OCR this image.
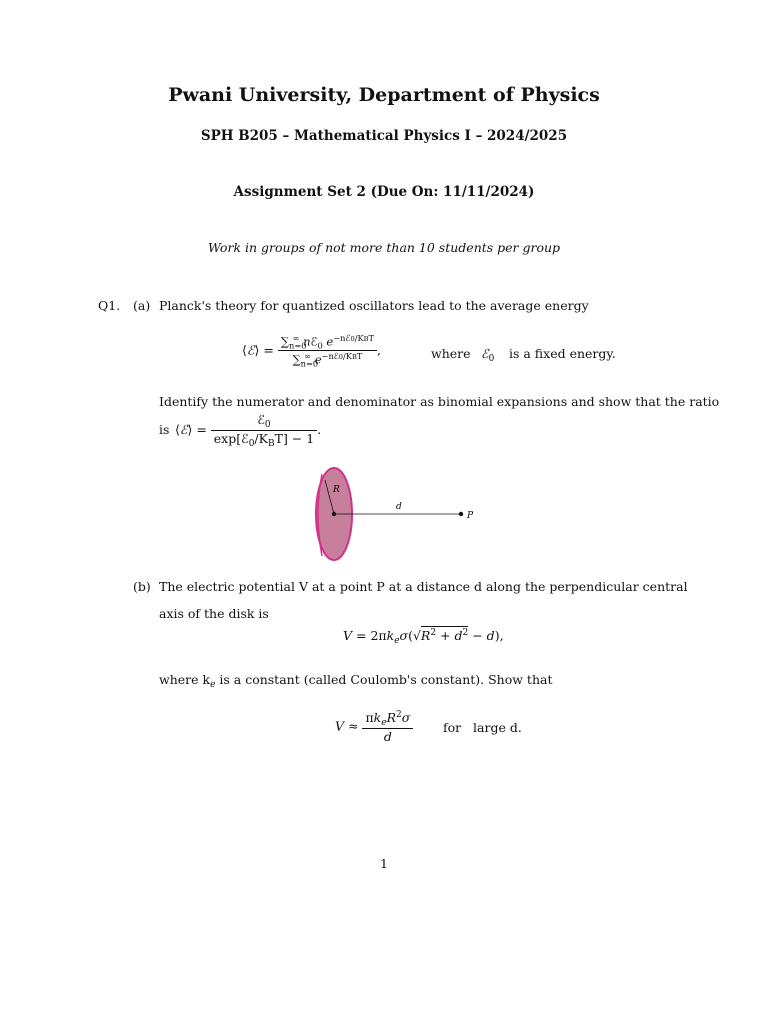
Pwani University, Department of Physics
SPH B205 – Mathematical Physics I – 2024/2025
Assignment Set 2 (Due On: 11/11/2024)
Work in groups of not more than 10 students per group
Q1. (a) Planck's theory for quantized oscillators lead to the average energy
⟨ℰ⟩ = $\frac{\sum_{n=0}^\infty nℰ_0 e^{-nℰ0/KBT}}{\sum_{n=0}^\infty e^{-nℰ0/KBT}}$ ,	where ℰ$_0$ is a fixed energy.
Identify the numerator and denominator as binomial expansions and show that the ratio
is ⟨ℰ⟩ = $\frac{ℰ_0}{\exp[ℰ_0/K_BT] - 1}$ .
R
d
P
(b) The electric potential V at a point P at a distance d along the perpendicular central
axis of the disk is
$V = 2\pi k_e\sigma(√R^2 + d^2 - d)$,
where $k_e$ is a constant (called Coulomb's constant). Show that
$V \approx \frac{\pi k_eR^2\sigma}{d}$ for   large d.
1
